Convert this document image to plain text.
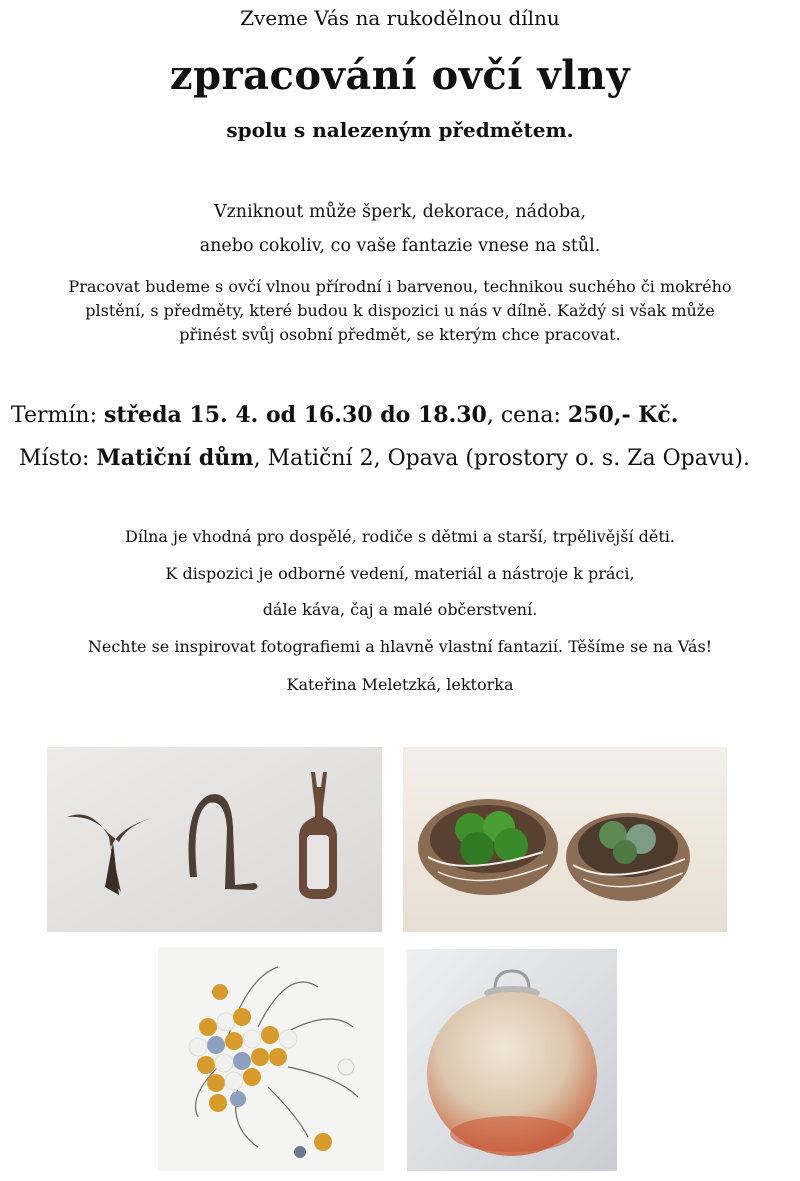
Zveme Vás na rukodělnou dílnu
zpracování ovčí vlny
spolu s nalezeným předmětem.
Vzniknout může šperk, dekorace, nádoba,
anebo cokoliv, co vaše fantazie vnese na stůl.
Pracovat budeme s ovčí vlnou přírodní i barvenou, technikou suchého či mokrého
plstění, s předměty, které budou k dispozici u nás v dílně. Každý si však může
přinést svůj osobní předmět, se kterým chce pracovat.
Termín: středa 15. 4. od 16.30 do 18.30, cena: 250,- Kč.
Místo: Matiční dům, Matiční 2, Opava (prostory o. s. Za Opavu).
Dílna je vhodná pro dospělé, rodiče s dětmi a starší, trpělivější děti.
K dispozici je odborné vedení, materiál a nástroje k práci,
dále káva, čaj a malé občerstvení.
Nechte se inspirovat fotografiemi a hlavně vlastní fantazií. Těšíme se na Vás!
Kateřina Meletzká, lektorka
